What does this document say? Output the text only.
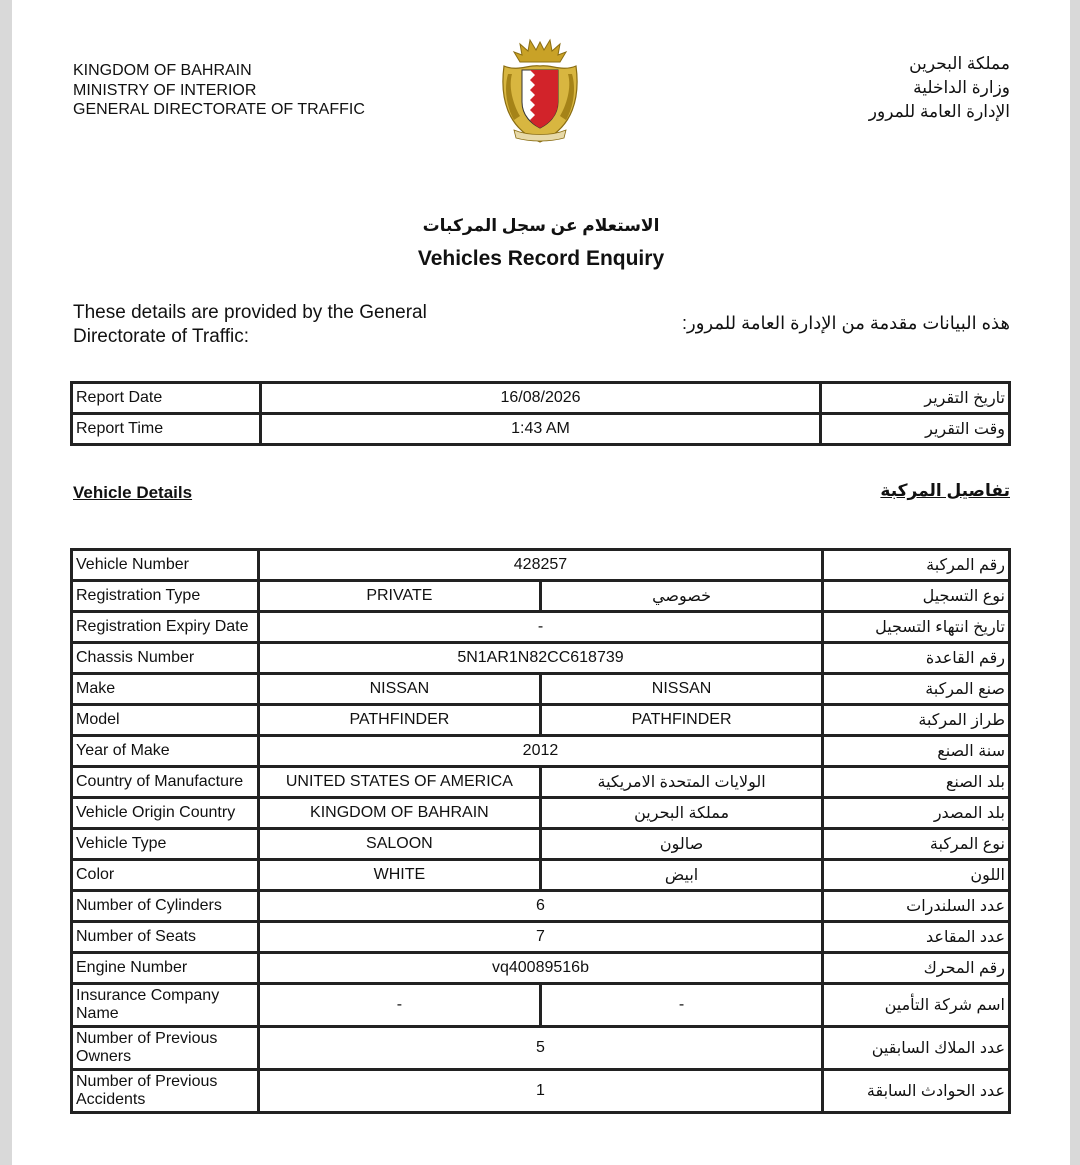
KINGDOM OF BAHRAIN
MINISTRY OF INTERIOR
GENERAL DIRECTORATE OF TRAFFIC
مملكة البحرين
وزارة الداخلية
الإدارة العامة للمرور
الاستعلام عن سجل المركبات
Vehicles Record Enquiry
These details are provided by the General Directorate of Traffic:
هذه البيانات مقدمة من الإدارة العامة للمرور:
Report Date	16/08/2026	تاريخ التقرير
Report Time	1:43 AM	وقت التقرير
Vehicle Details	تفاصيل المركبة
Vehicle Number	428257		رقم المركبة
Registration Type	PRIVATE	خصوصي	نوع التسجيل
Registration Expiry Date	-		تاريخ انتهاء التسجيل
Chassis Number	5N1AR1N82CC618739		رقم القاعدة
Make	NISSAN	NISSAN	صنع المركبة
Model	PATHFINDER	PATHFINDER	طراز المركبة
Year of Make	2012		سنة الصنع
Country of Manufacture	UNITED STATES OF AMERICA	الولايات المتحدة الامريكية	بلد الصنع
Vehicle Origin Country	KINGDOM OF BAHRAIN	مملكة البحرين	بلد المصدر
Vehicle Type	SALOON	صالون	نوع المركبة
Color	WHITE	ابيض	اللون
Number of Cylinders	6		عدد السلندرات
Number of Seats	7		عدد المقاعد
Engine Number	vq40089516b		رقم المحرك
Insurance Company Name	-	-	اسم شركة التأمين
Number of Previous Owners	5		عدد الملاك السابقين
Number of Previous Accidents	1		عدد الحوادث السابقة
